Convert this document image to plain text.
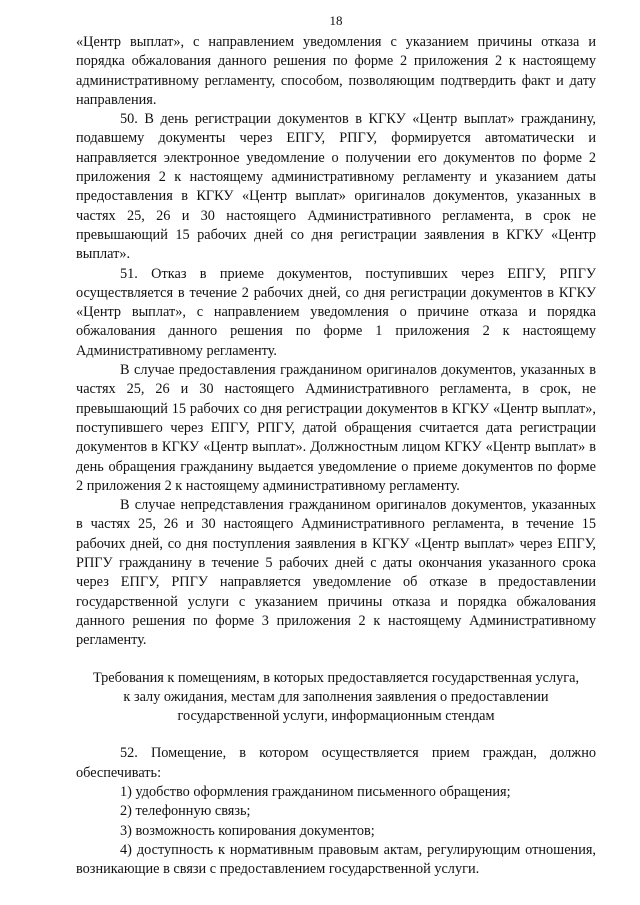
18

«Центр выплат», с направлением уведомления с указанием причины отказа и порядка обжалования данного решения по форме 2 приложения 2 к настоящему административному регламенту, способом, позволяющим подтвердить факт и дату направления.

50. В день регистрации документов в КГКУ «Центр выплат» гражданину, подавшему документы через ЕПГУ, РПГУ, формируется автоматически и направляется электронное уведомление о получении его документов по форме 2 приложения 2 к настоящему административному регламенту и указанием даты предоставления в КГКУ «Центр выплат» оригиналов документов, указанных в частях 25, 26 и 30 настоящего Административного регламента, в срок не превышающий 15 рабочих дней со дня регистрации заявления в КГКУ «Центр выплат».

51. Отказ в приеме документов, поступивших через ЕПГУ, РПГУ осуществляется в течение 2 рабочих дней, со дня регистрации документов в КГКУ «Центр выплат», с направлением уведомления о причине отказа и порядка обжалования данного решения по форме 1 приложения 2 к настоящему Административному регламенту.

В случае предоставления гражданином оригиналов документов, указанных в частях 25, 26 и 30 настоящего Административного регламента, в срок, не превышающий 15 рабочих со дня регистрации документов в КГКУ «Центр выплат», поступившего через ЕПГУ, РПГУ, датой обращения считается дата регистрации документов в КГКУ «Центр выплат». Должностным лицом КГКУ «Центр выплат» в день обращения гражданину выдается уведомление о приеме документов по форме 2 приложения 2 к настоящему административному регламенту.

В случае непредставления гражданином оригиналов документов, указанных в частях 25, 26 и 30 настоящего Административного регламента, в течение 15 рабочих дней, со дня поступления заявления в КГКУ «Центр выплат» через ЕПГУ, РПГУ гражданину в течение 5 рабочих дней с даты окончания указанного срока через ЕПГУ, РПГУ направляется уведомление об отказе в предоставлении государственной услуги с указанием причины отказа и порядка обжалования данного решения по форме 3 приложения 2 к настоящему Административному регламенту.

Требования к помещениям, в которых предоставляется государственная услуга,
к залу ожидания, местам для заполнения заявления о предоставлении
государственной услуги, информационным стендам

52. Помещение, в котором осуществляется прием граждан, должно обеспечивать:

1) удобство оформления гражданином письменного обращения;

2) телефонную связь;

3) возможность копирования документов;

4) доступность к нормативным правовым актам, регулирующим отношения, возникающие в связи с предоставлением государственной услуги.
